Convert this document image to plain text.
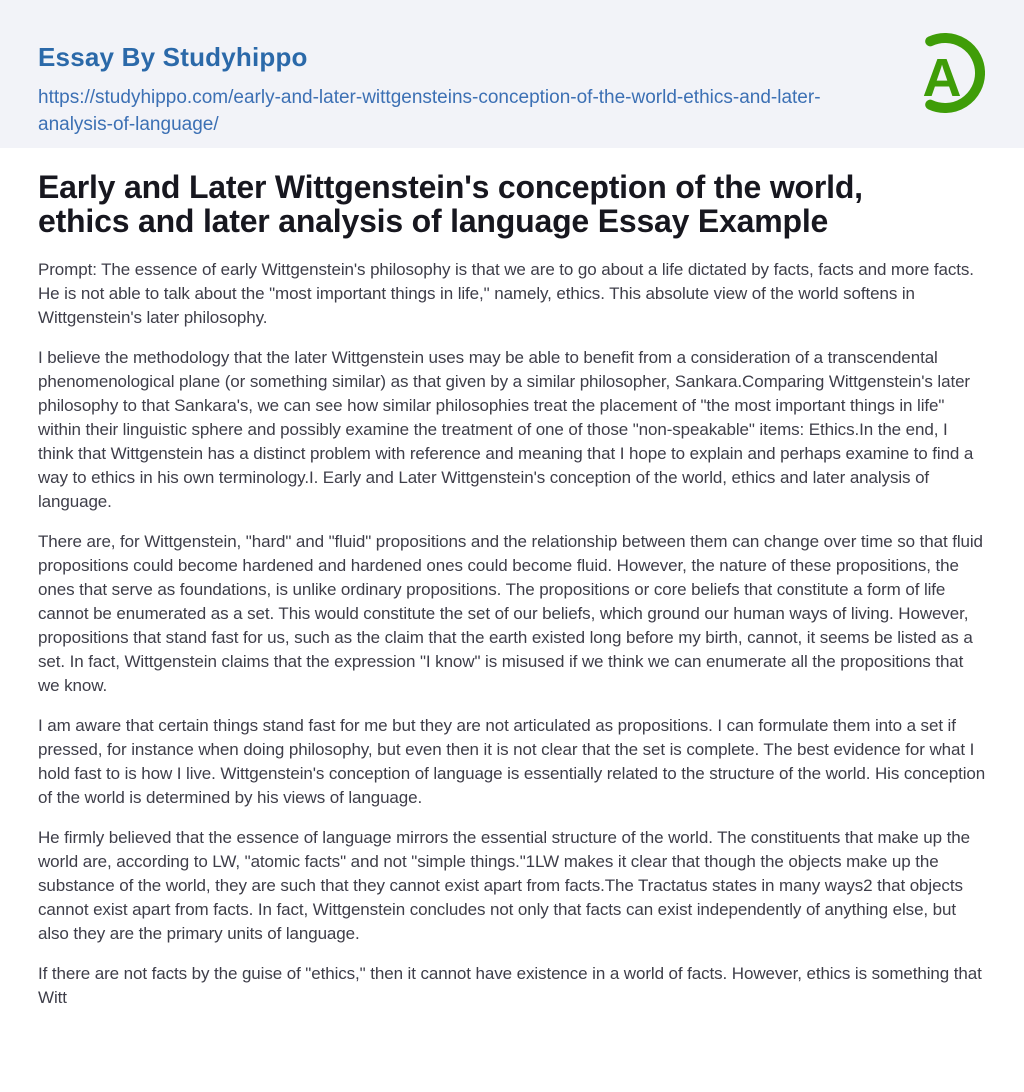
Essay By Studyhippo
https://studyhippo.com/early-and-later-wittgensteins-conception-of-the-world-ethics-and-later-analysis-of-language/
A
Early and Later Wittgenstein's conception of the world, ethics and later analysis of language Essay Example

Prompt: The essence of early Wittgenstein's philosophy is that we are to go about a life dictated by facts, facts and more facts. He is not able to talk about the "most important things in life," namely, ethics. This absolute view of the world softens in Wittgenstein's later philosophy.

I believe the methodology that the later Wittgenstein uses may be able to benefit from a consideration of a transcendental phenomenological plane (or something similar) as that given by a similar philosopher, Sankara.Comparing Wittgenstein's later philosophy to that Sankara's, we can see how similar philosophies treat the placement of "the most important things in life" within their linguistic sphere and possibly examine the treatment of one of those "non-speakable" items: Ethics.In the end, I think that Wittgenstein has a distinct problem with reference and meaning that I hope to explain and perhaps examine to find a way to ethics in his own terminology.I. Early and Later Wittgenstein's conception of the world, ethics and later analysis of language.

There are, for Wittgenstein, "hard" and "fluid" propositions and the relationship between them can change over time so that fluid propositions could become hardened and hardened ones could become fluid. However, the nature of these propositions, the ones that serve as foundations, is unlike ordinary propositions. The propositions or core beliefs that constitute a form of life cannot be enumerated as a set. This would constitute the set of our beliefs, which ground our human ways of living. However, propositions that stand fast for us, such as the claim that the earth existed long before my birth, cannot, it seems be listed as a set. In fact, Wittgenstein claims that the expression "I know" is misused if we think we can enumerate all the propositions that we know.

I am aware that certain things stand fast for me but they are not articulated as propositions. I can formulate them into a set if pressed, for instance when doing philosophy, but even then it is not clear that the set is complete. The best evidence for what I hold fast to is how I live. Wittgenstein's conception of language is essentially related to the structure of the world. His conception of the world is determined by his views of language.

He firmly believed that the essence of language mirrors the essential structure of the world. The constituents that make up the world are, according to LW, "atomic facts" and not "simple things."1LW makes it clear that though the objects make up the substance of the world, they are such that they cannot exist apart from facts.The Tractatus states in many ways2 that objects cannot exist apart from facts. In fact, Wittgenstein concludes not only that facts can exist independently of anything else, but also they are the primary units of language.

If there are not facts by the guise of "ethics," then it cannot have existence in a world of facts. However, ethics is something that Witt
